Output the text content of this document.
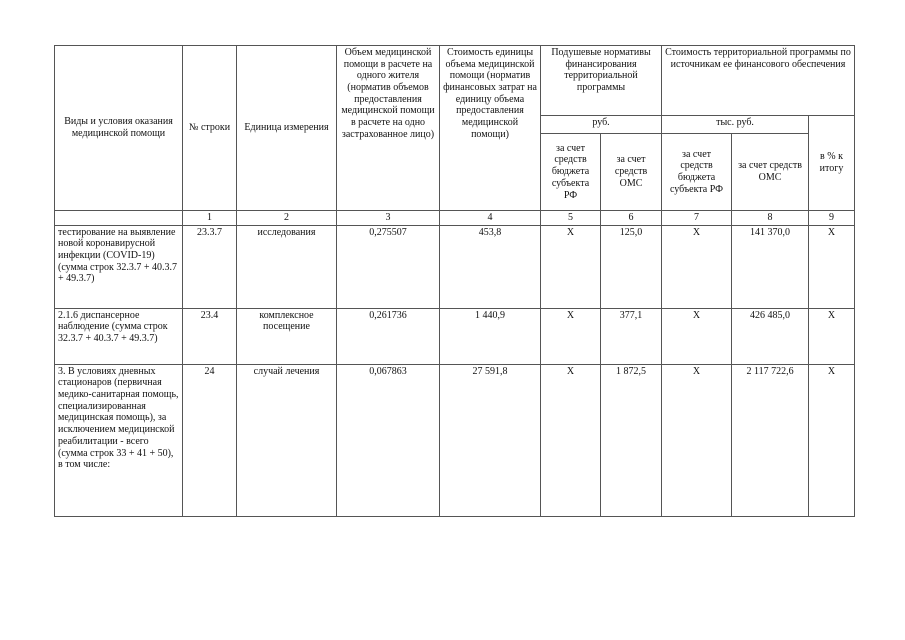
Виды и условия оказания медицинской помощи	№ строки	Единица измерения	Объем медицинской помощи в расчете на одного жителя (норматив объемов предоставления медицинской помощи в расчете на одно застрахованное лицо)	Стоимость единицы объема медицинской помощи (норматив финансовых затрат на единицу объема предоставления медицинской помощи)	Подушевые нормативы финансирования территориальной программы		Стоимость территориальной программы по источникам ее финансового обеспечения		
					руб.		тыс. руб.		в % к итогу
					за счет средств бюджета субъекта РФ	за счет средств ОМС	за счет средств бюджета субъекта РФ	за счет средств ОМС	
	1	2	3	4	5	6	7	8	9
тестирование на выявление новой коронавирусной инфекции (COVID-19) (сумма строк 32.3.7 + 40.3.7 + 49.3.7)	23.3.7	исследования	0,275507	453,8	Х	125,0	Х	141 370,0	Х
2.1.6 диспансерное наблюдение (сумма строк 32.3.7 + 40.3.7 + 49.3.7)	23.4	комплексное посещение	0,261736	1 440,9	Х	377,1	Х	426 485,0	Х
3. В условиях дневных стационаров (первичная медико-санитарная помощь, специализированная медицинская помощь), за исключением медицинской реабилитации - всего (сумма строк 33 + 41 + 50), в том числе:	24	случай лечения	0,067863	27 591,8	Х	1 872,5	Х	2 117 722,6	Х
